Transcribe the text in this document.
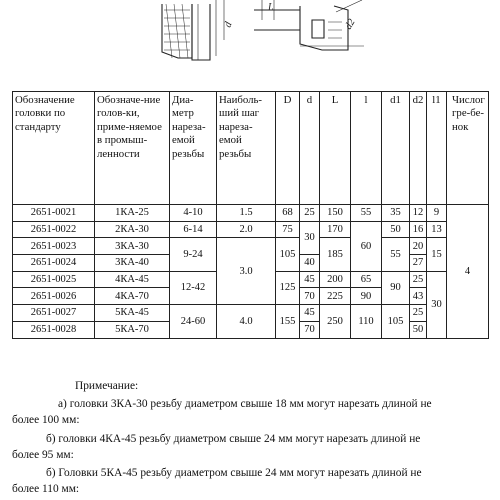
d
L
d2
Обозначение головки по стандарту	Обозначе-ние голов-ки, приме-няемое в промыш-ленности	Диа-метр нареза-емой резьбы	Наиболь-ший шаг нареза-емой резьбы	D	d	L	l	d1	d2	l1	Числог гре-бе-нок
2651-0021	1КА-25	4-10	1.5	68	25	150	55	35	12	9	4
2651-0022	2КА-30	6-14	2.0	75	30	170	60	50	16	13	
2651-0023	3КА-30	9-24	3.0	105		185		55	20	15	
2651-0024	3КА-40				40				27		
2651-0025	4КА-45	12-42		125	45	200	65	90	25	30	
2651-0026	4КА-70				70	225	90		43		
2651-0027	5КА-45	24-60	4.0	155	45	250	110	105	25		
2651-0028	5КА-70				70				50		
Примечание:
а) головки 3КА-30 резьбу диаметром свыше 18 мм могут нарезать длиной не
более 100 мм:
б) головки 4КА-45 резьбу диаметром свыше 24 мм могут нарезать длиной не
более 95 мм:
б) Головки 5КА-45 резьбу диаметром свыше 24 мм могут нарезать длиной не
более 110 мм:
